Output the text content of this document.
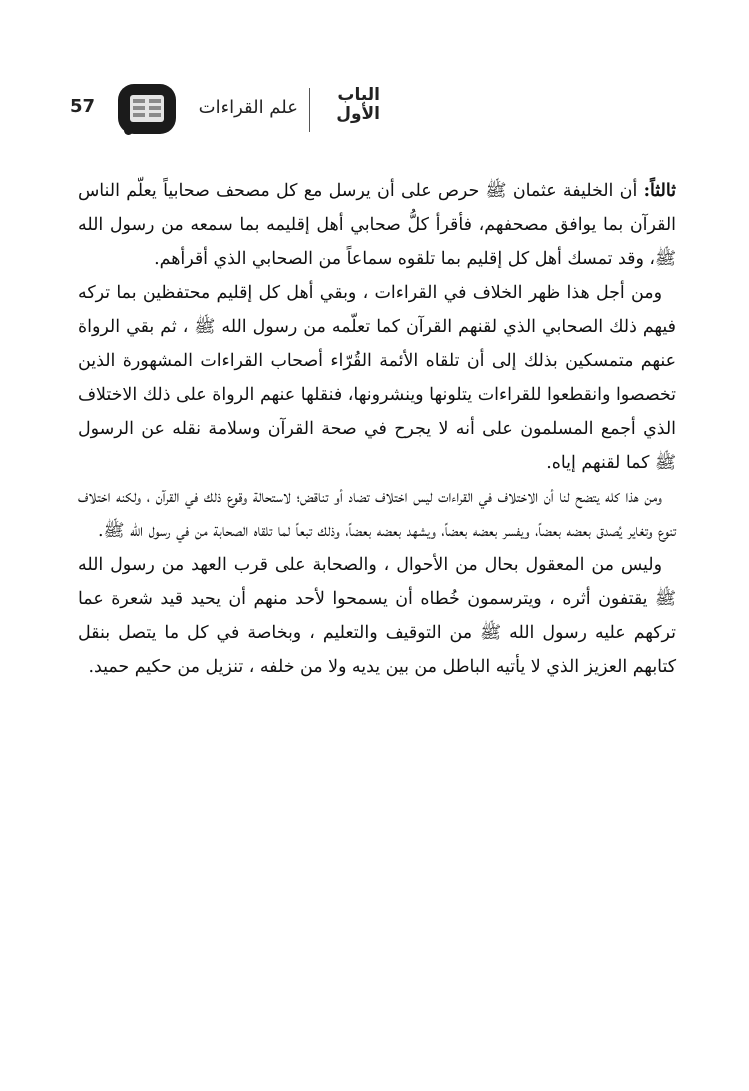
الباب
الأول
علم القراءات
57

ثالثاً: أن الخليفة عثمان ﷺ حرص على أن يرسل مع كل مصحف صحابياً يعلّم الناس القرآن بما يوافق مصحفهم، فأقرأ كلُّ صحابي أهل إقليمه بما سمعه من رسول الله ﷺ، وقد تمسك أهل كل إقليم بما تلقوه سماعاً من الصحابي الذي أقرأهم.

ومن أجل هذا ظهر الخلاف في القراءات ، وبقي أهل كل إقليم محتفظين بما تركه فيهم ذلك الصحابي الذي لقنهم القرآن كما تعلّمه من رسول الله ﷺ ، ثم بقي الرواة عنهم متمسكين بذلك إلى أن تلقاه الأئمة القُرّاء أصحاب القراءات المشهورة الذين تخصصوا وانقطعوا للقراءات يتلونها وينشرونها، فنقلها عنهم الرواة على ذلك الاختلاف الذي أجمع المسلمون على أنه لا يجرح في صحة القرآن وسلامة نقله عن الرسول ﷺ كما لقنهم إياه.

ومن هذا كله يتضح لنا أن الاختلاف في القراءات ليس اختلاف تضاد أو تناقض؛ لاستحالة وقوع ذلك في القرآن ، ولكنه اختلاف تنوع وتغاير يُصدق بعضه بعضاً، ويفسر بعضه بعضاً، ويشهد بعضه بعضاً، وذلك تبعاً لما تلقاه الصحابة من في رسول الله ﷺ.

وليس من المعقول بحال من الأحوال ، والصحابة على قرب العهد من رسول الله ﷺ يقتفون أثره ، ويترسمون خُطاه أن يسمحوا لأحد منهم أن يحيد قيد شعرة عما تركهم عليه رسول الله ﷺ من التوقيف والتعليم ، وبخاصة في كل ما يتصل بنقل كتابهم العزيز الذي لا يأتيه الباطل من بين يديه ولا من خلفه ، تنزيل من حكيم حميد.
